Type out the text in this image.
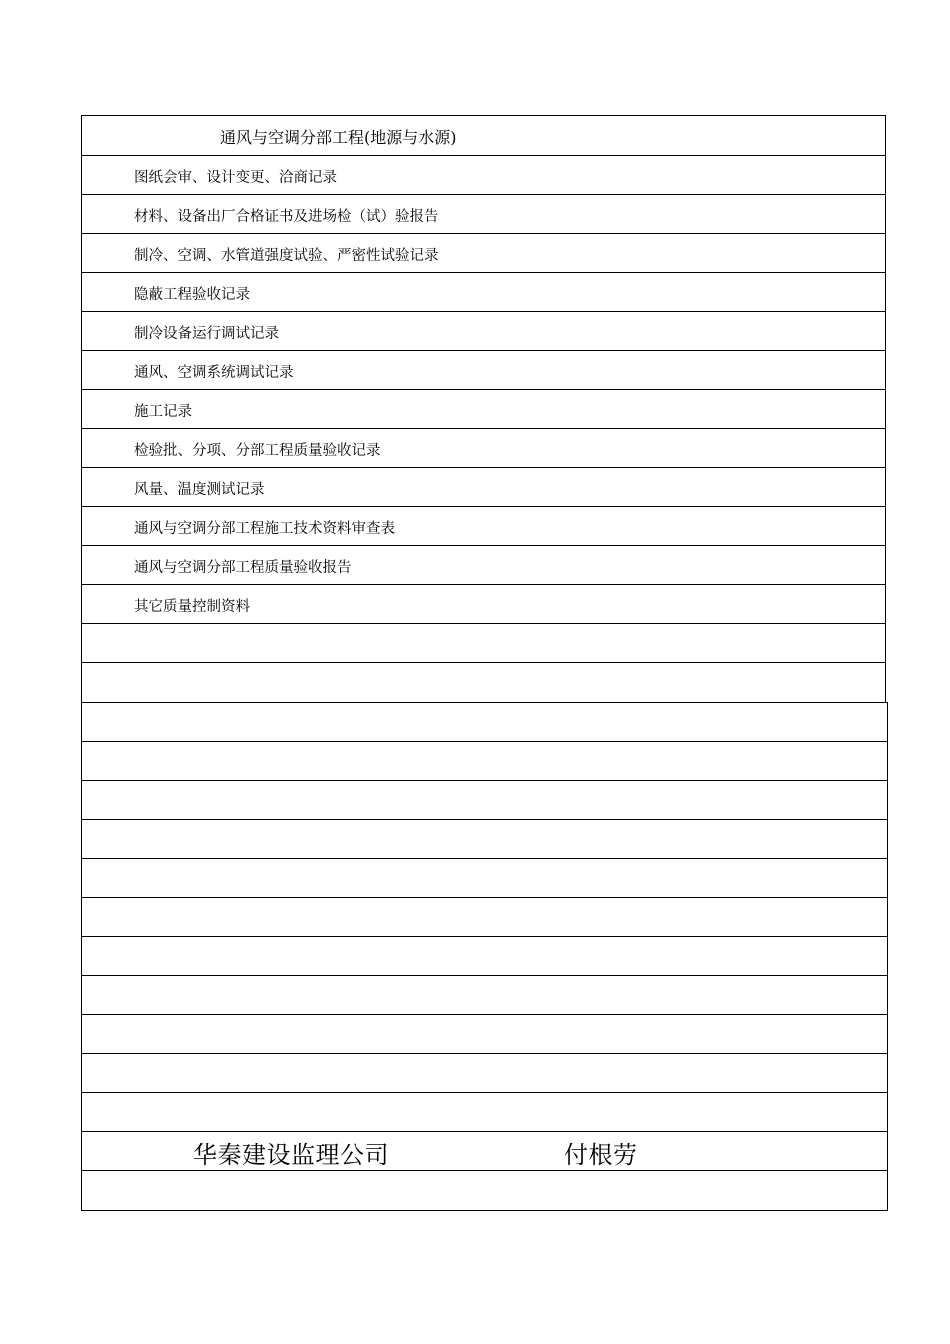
通风与空调分部工程(地源与水源)
图纸会审、设计变更、洽商记录
材料、设备出厂合格证书及进场检（试）验报告
制冷、空调、水管道强度试验、严密性试验记录
隐蔽工程验收记录
制冷设备运行调试记录
通风、空调系统调试记录
施工记录
检验批、分项、分部工程质量验收记录
风量、温度测试记录
通风与空调分部工程施工技术资料审查表
通风与空调分部工程质量验收报告
其它质量控制资料
华秦建设监理公司	付根劳
